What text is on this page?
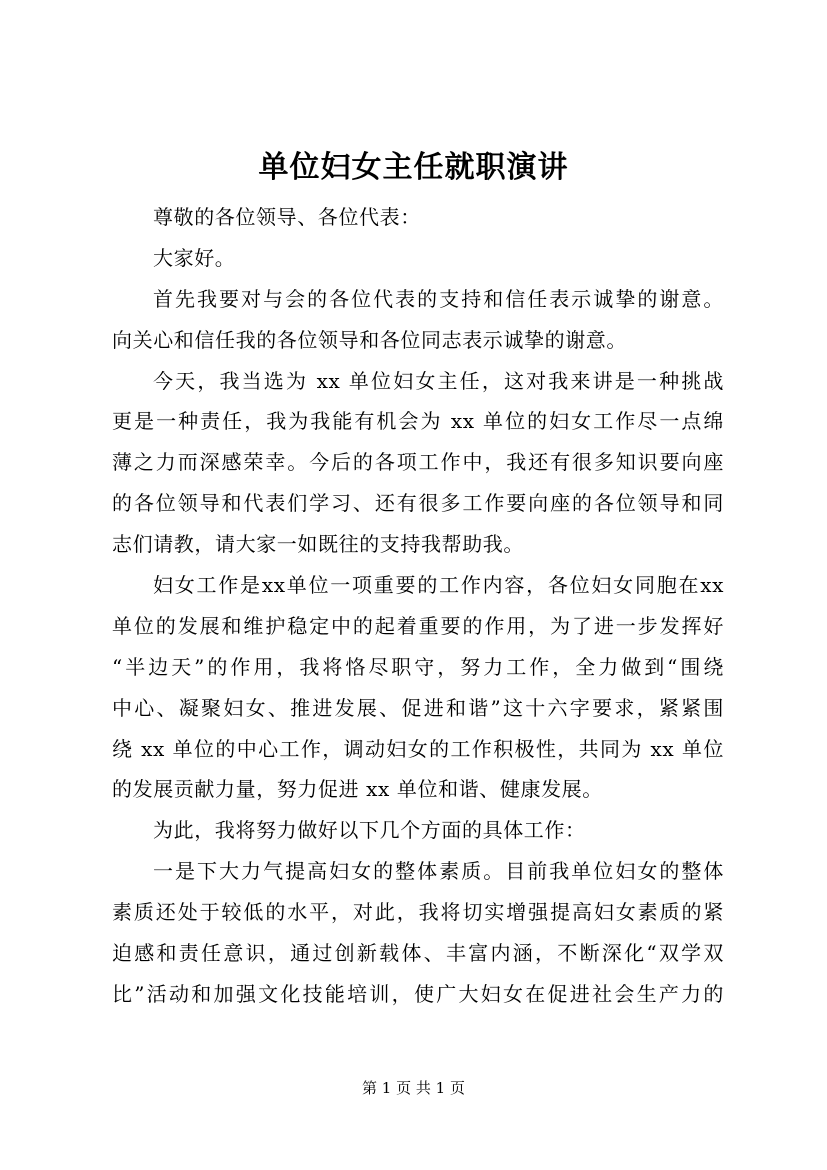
单位妇女主任就职演讲
尊敬的各位领导、各位代表：
大家好。
首先我要对与会的各位代表的支持和信任表示诚挚的谢意。
向关心和信任我的各位领导和各位同志表示诚挚的谢意。
今天，我当选为 xx 单位妇女主任，这对我来讲是一种挑战
更是一种责任，我为我能有机会为 xx 单位的妇女工作尽一点绵
薄之力而深感荣幸。今后的各项工作中，我还有很多知识要向座
的各位领导和代表们学习、还有很多工作要向座的各位领导和同
志们请教，请大家一如既往的支持我帮助我。
妇女工作是xx单位一项重要的工作内容，各位妇女同胞在xx
单位的发展和维护稳定中的起着重要的作用，为了进一步发挥好
“半边天”的作用，我将恪尽职守，努力工作，全力做到“围绕
中心、凝聚妇女、推进发展、促进和谐”这十六字要求，紧紧围
绕 xx 单位的中心工作，调动妇女的工作积极性，共同为 xx 单位
的发展贡献力量，努力促进 xx 单位和谐、健康发展。
为此，我将努力做好以下几个方面的具体工作：
一是下大力气提高妇女的整体素质。目前我单位妇女的整体
素质还处于较低的水平，对此，我将切实增强提高妇女素质的紧
迫感和责任意识，通过创新载体、丰富内涵，不断深化“双学双
比”活动和加强文化技能培训，使广大妇女在促进社会生产力的
第 1 页 共 1 页
